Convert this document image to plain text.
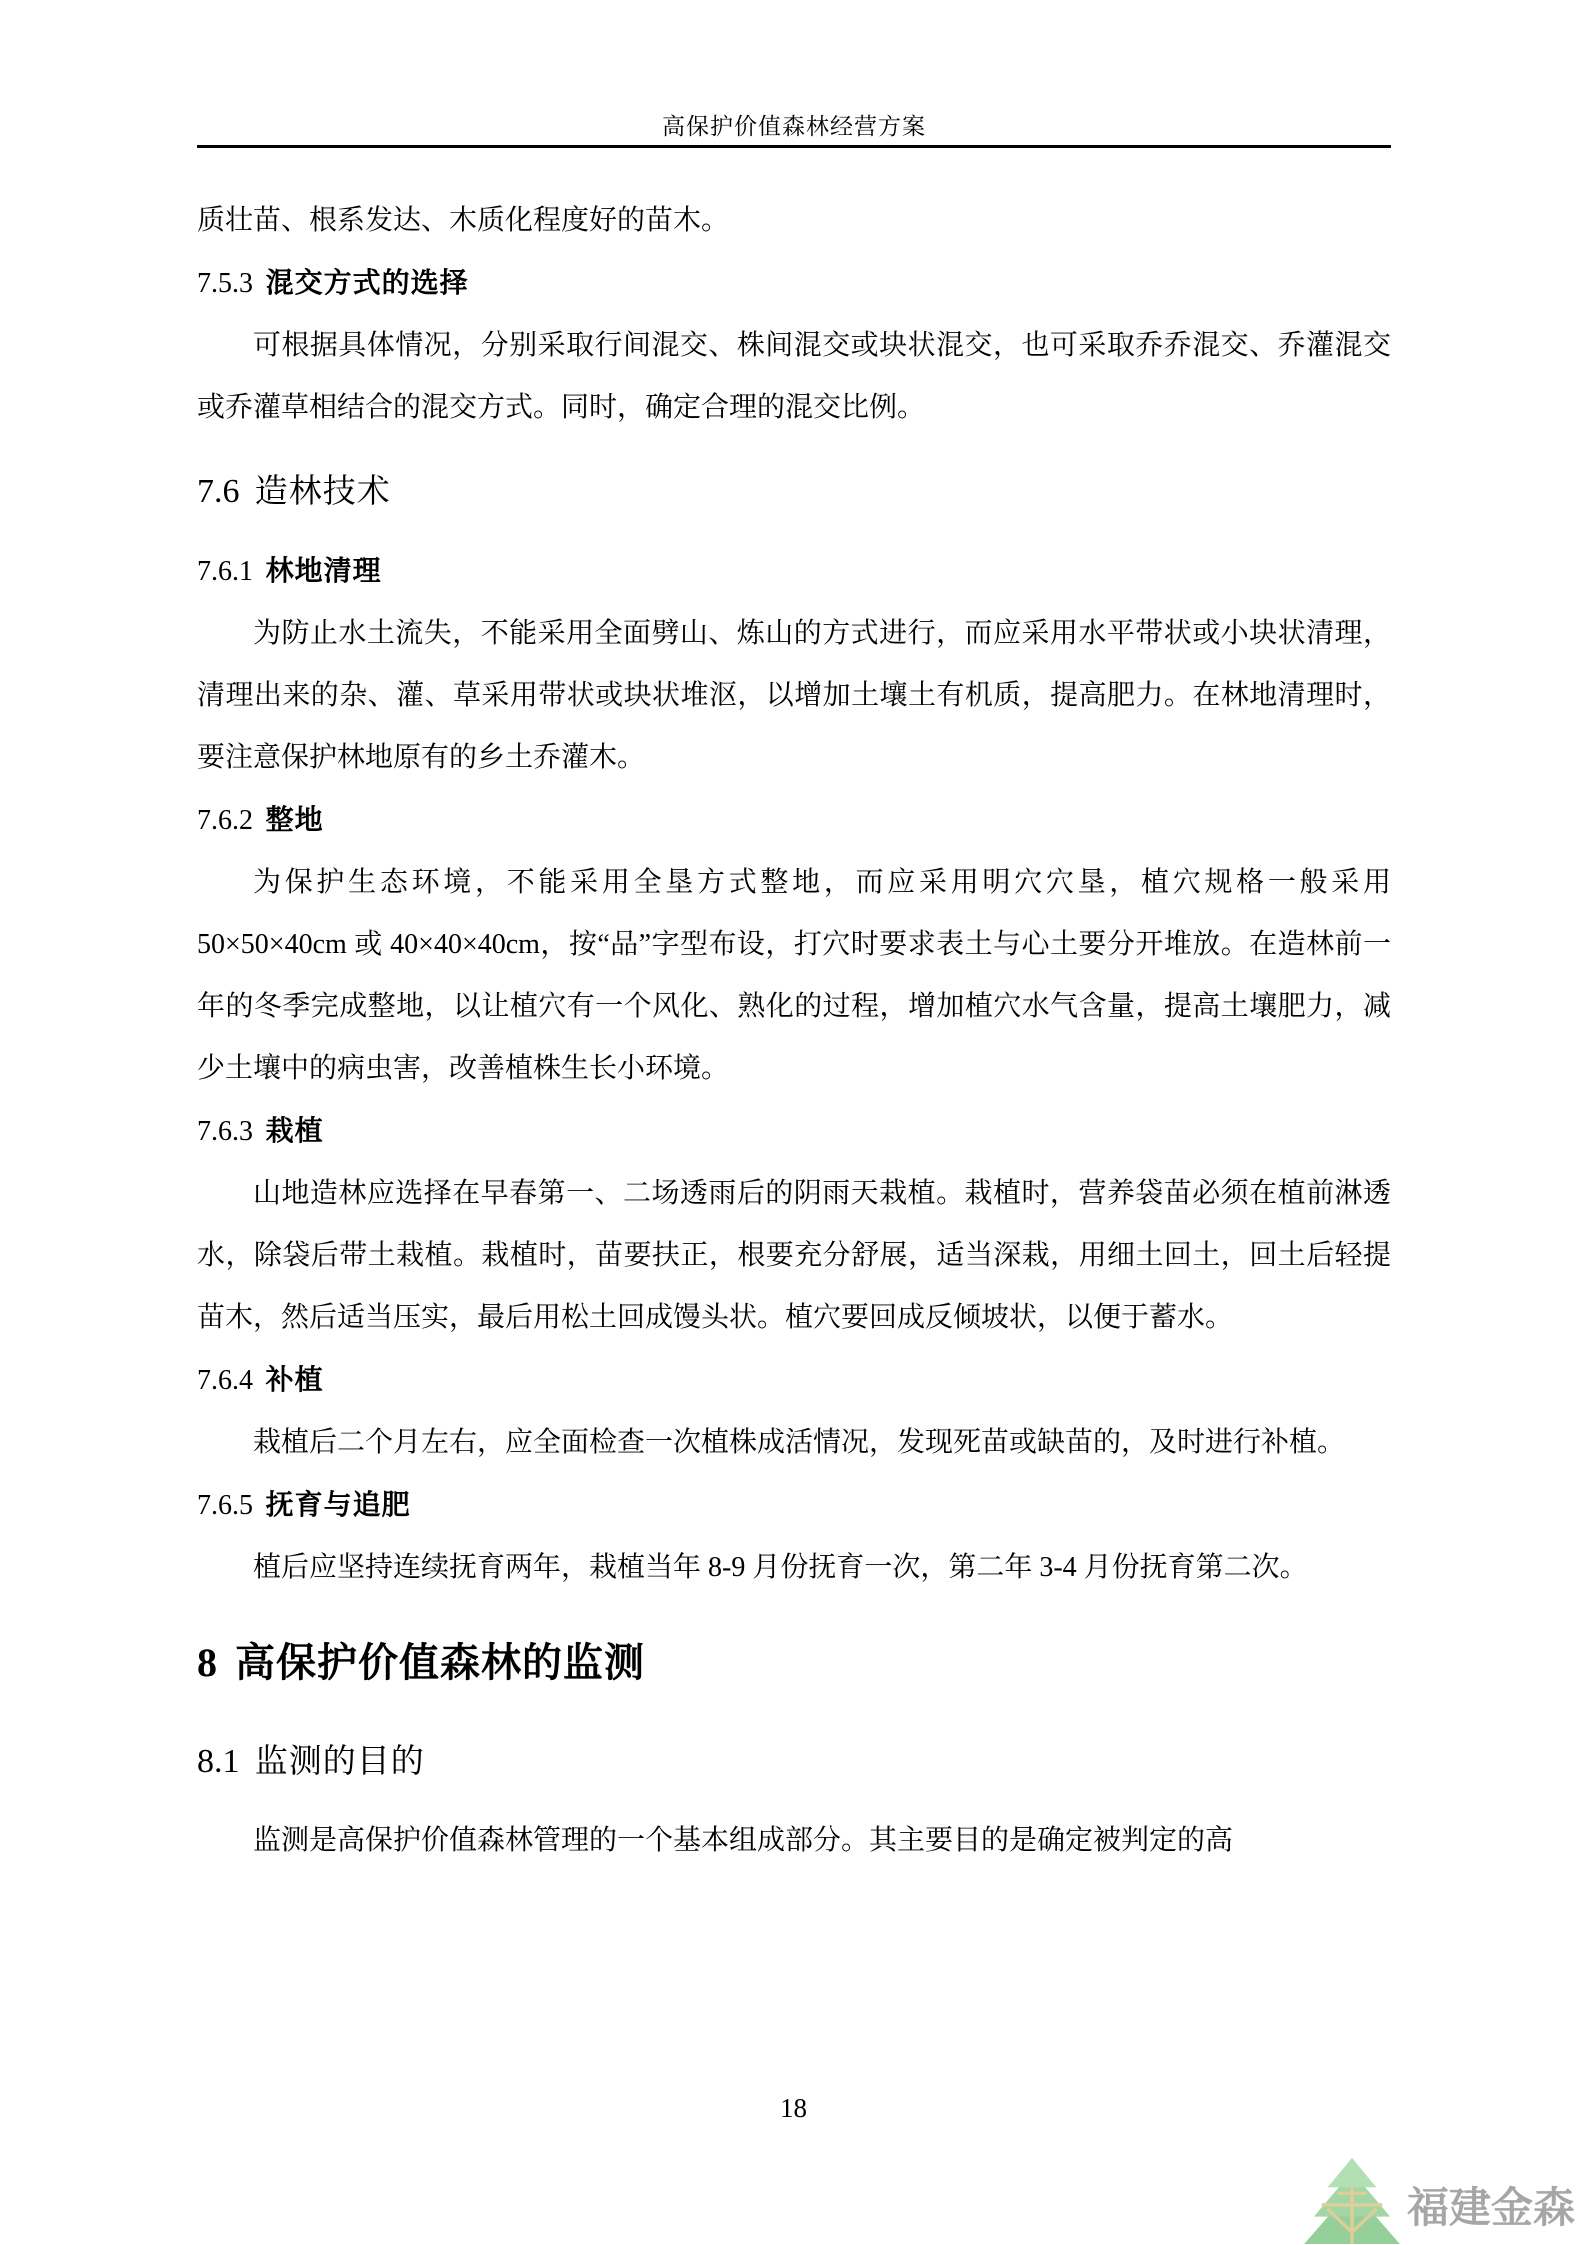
高保护价值森林经营方案

质壮苗、根系发达、木质化程度好的苗木。

7.5.3 混交方式的选择

可根据具体情况，分别采取行间混交、株间混交或块状混交，也可采取乔乔混交、乔灌混交或乔灌草相结合的混交方式。同时，确定合理的混交比例。

7.6 造林技术
7.6.1 林地清理

为防止水土流失，不能采用全面劈山、炼山的方式进行，而应采用水平带状或小块状清理，清理出来的杂、灌、草采用带状或块状堆沤，以增加土壤土有机质，提高肥力。在林地清理时，要注意保护林地原有的乡土乔灌木。

7.6.2 整地

为保护生态环境，不能采用全垦方式整地，而应采用明穴穴垦，植穴规格一般采用 50×50×40cm 或 40×40×40cm，按“品”字型布设，打穴时要求表土与心土要分开堆放。在造林前一年的冬季完成整地，以让植穴有一个风化、熟化的过程，增加植穴水气含量，提高土壤肥力，减少土壤中的病虫害，改善植株生长小环境。

7.6.3 栽植

山地造林应选择在早春第一、二场透雨后的阴雨天栽植。栽植时，营养袋苗必须在植前淋透水，除袋后带土栽植。栽植时，苗要扶正，根要充分舒展，适当深栽，用细土回土，回土后轻提苗木，然后适当压实，最后用松土回成馒头状。植穴要回成反倾坡状，以便于蓄水。

7.6.4 补植

栽植后二个月左右，应全面检查一次植株成活情况，发现死苗或缺苗的，及时进行补植。

7.6.5 抚育与追肥

植后应坚持连续抚育两年，栽植当年 8-9 月份抚育一次，第二年 3-4 月份抚育第二次。

8 高保护价值森林的监测
8.1 监测的目的

监测是高保护价值森林管理的一个基本组成部分。其主要目的是确定被判定的高

18
福建金森
